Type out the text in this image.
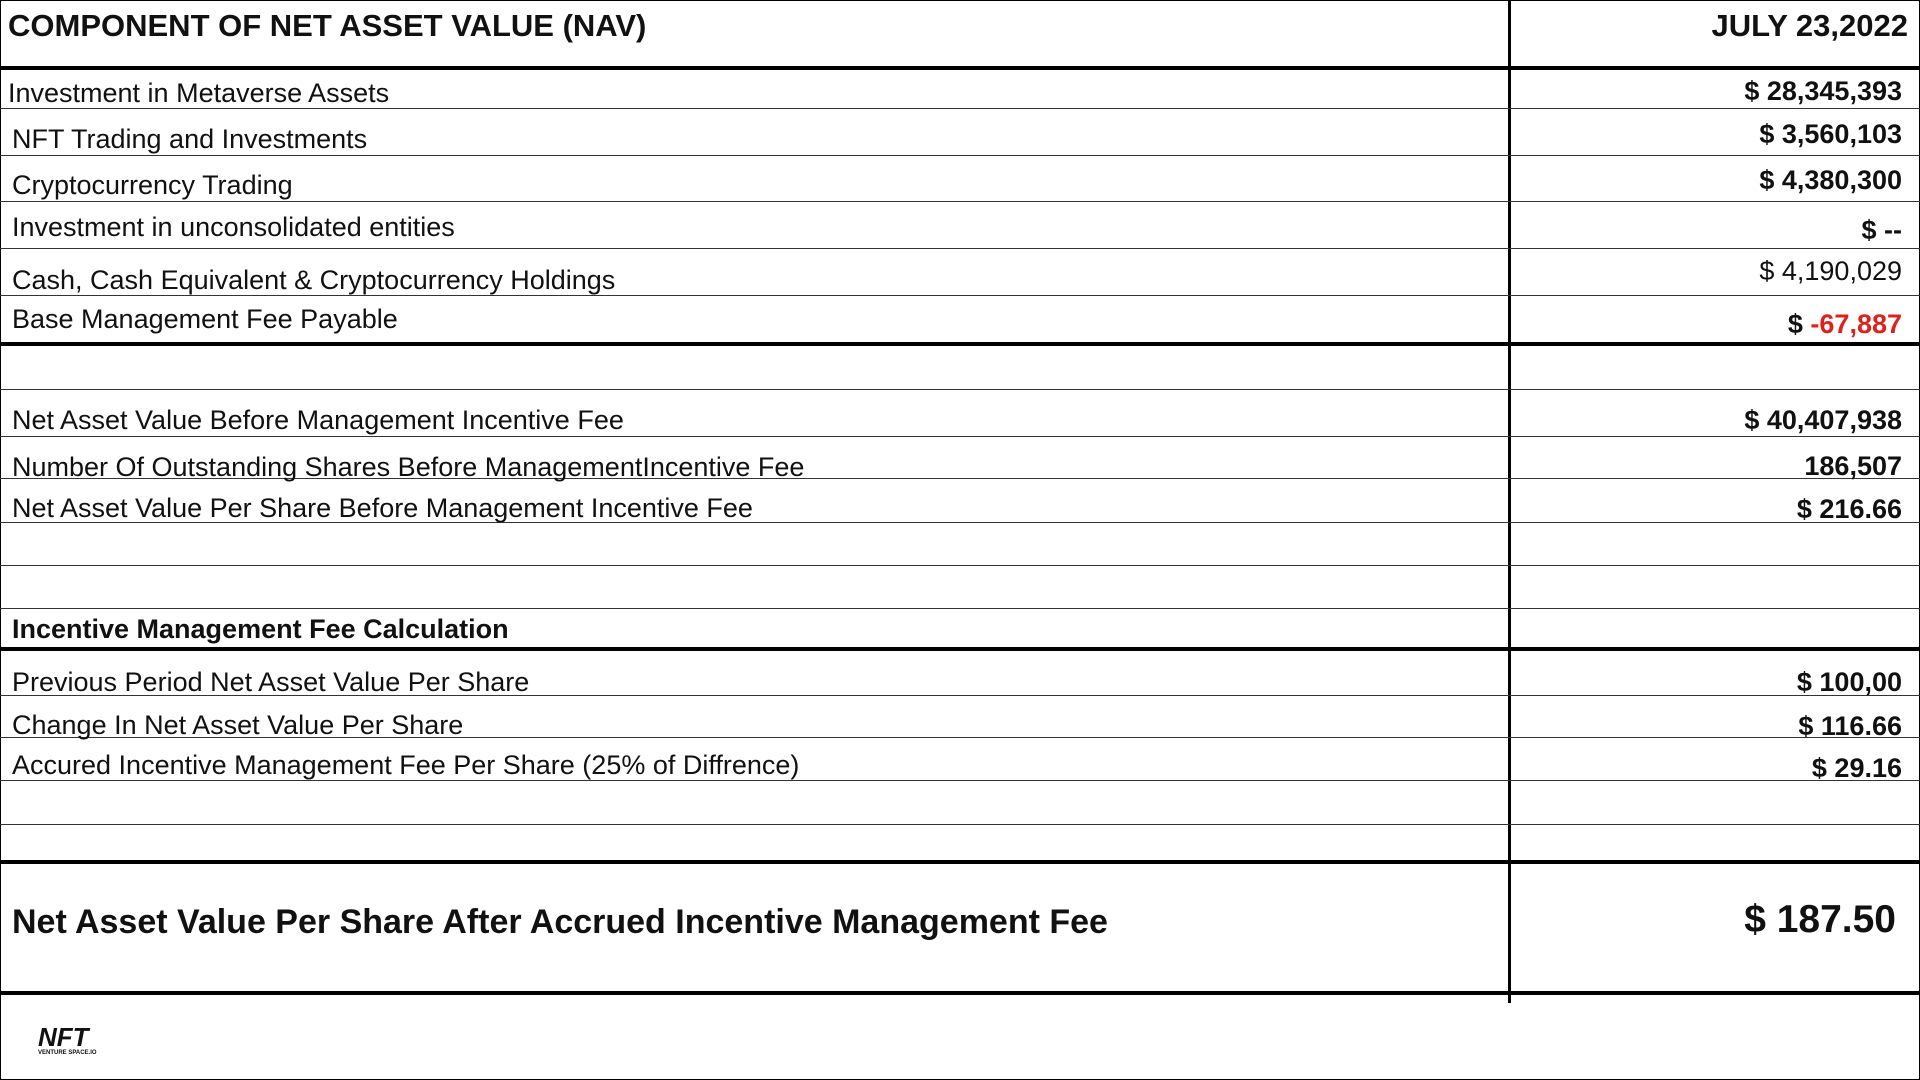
COMPONENT OF NET ASSET VALUE (NAV)	JULY 23,2022
Investment in Metaverse Assets	$ 28,345,393
NFT Trading and Investments	$ 3,560,103
Cryptocurrency Trading	$ 4,380,300
Investment in unconsolidated entities	$ --
Cash, Cash Equivalent & Cryptocurrency Holdings	$ 4,190,029
Base Management Fee Payable	$ -67,887
Net Asset Value Before Management Incentive Fee	$ 40,407,938
Number Of Outstanding Shares Before ManagementIncentive Fee	186,507
Net Asset Value Per Share Before Management Incentive Fee	$ 216.66
Incentive Management Fee Calculation
Previous Period Net Asset Value Per Share	$ 100,00
Change In Net Asset Value Per Share	$ 116.66
Accured Incentive Management Fee Per Share (25% of Diffrence)	$ 29.16
Net Asset Value Per Share After Accrued Incentive Management Fee	$ 187.50
NFT
VENTURE SPACE.IO
